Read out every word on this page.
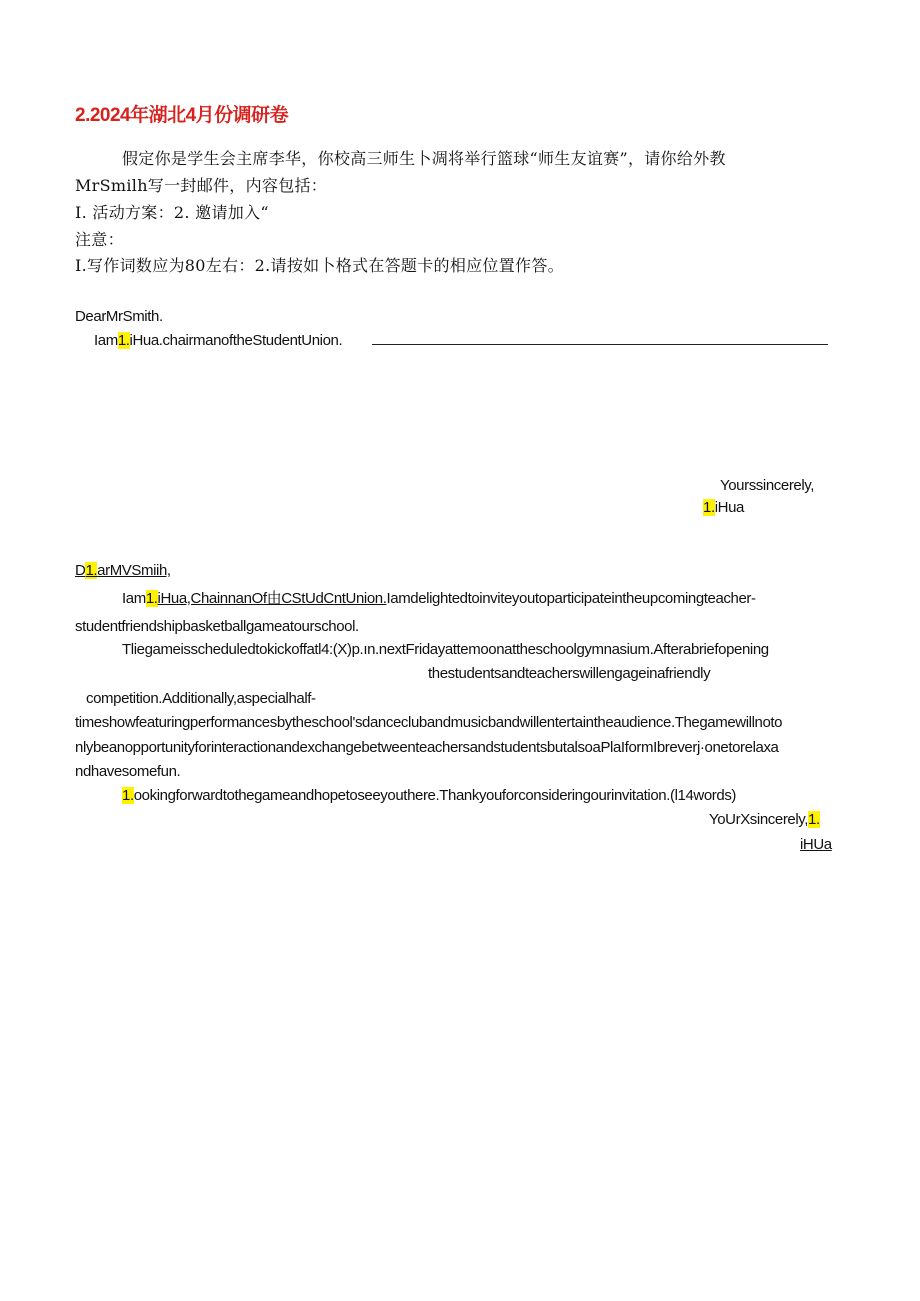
2.2024年湖北4月份调研卷
假定你是学生会主席李华，你校高三师生卜凋将举行篮球“师生友谊赛”，请你给外教
MrSmilh写一封邮件，内容包括：
I. 活动方案：2. 邀请加入“
注意：
I.写作词数应为80左右：2.请按如卜格式在答题卡的相应位置作答。
DearMrSmith.
Iam1.iHua.chairmanoftheStudentUnion.
Yourssincerely,
1.iHua
D1.arMVSmiih,
Iam1.iHua,ChainnanOf由CStUdCntUnion.Iamdelightedtoinviteyoutoparticipateintheupcomingteacher-
studentfriendshipbasketballgameatourschool.
Tliegameisscheduledtokickoffatl4:(X)p.ın.nextFridayattemoonattheschoolgymnasium.Afterabriefopening
thestudentsandteacherswillengageinafriendly
competition.Additionally,aspecialhalf-
timeshowfeaturingperformancesbytheschool'sdanceclubandmusicbandwillentertaintheaudience.Thegamewillnoto
nlybeanopportunityforinteractionandexchangebetweenteachersandstudentsbutalsoaPlaIformIbreverj·onetorelaxa
ndhavesomefun.
1.ookingforwardtothegameandhopetoseeyouthere.Thankyouforconsideringourinvitation.(l14words)
YoUrXsincerely,1.
iHUa
